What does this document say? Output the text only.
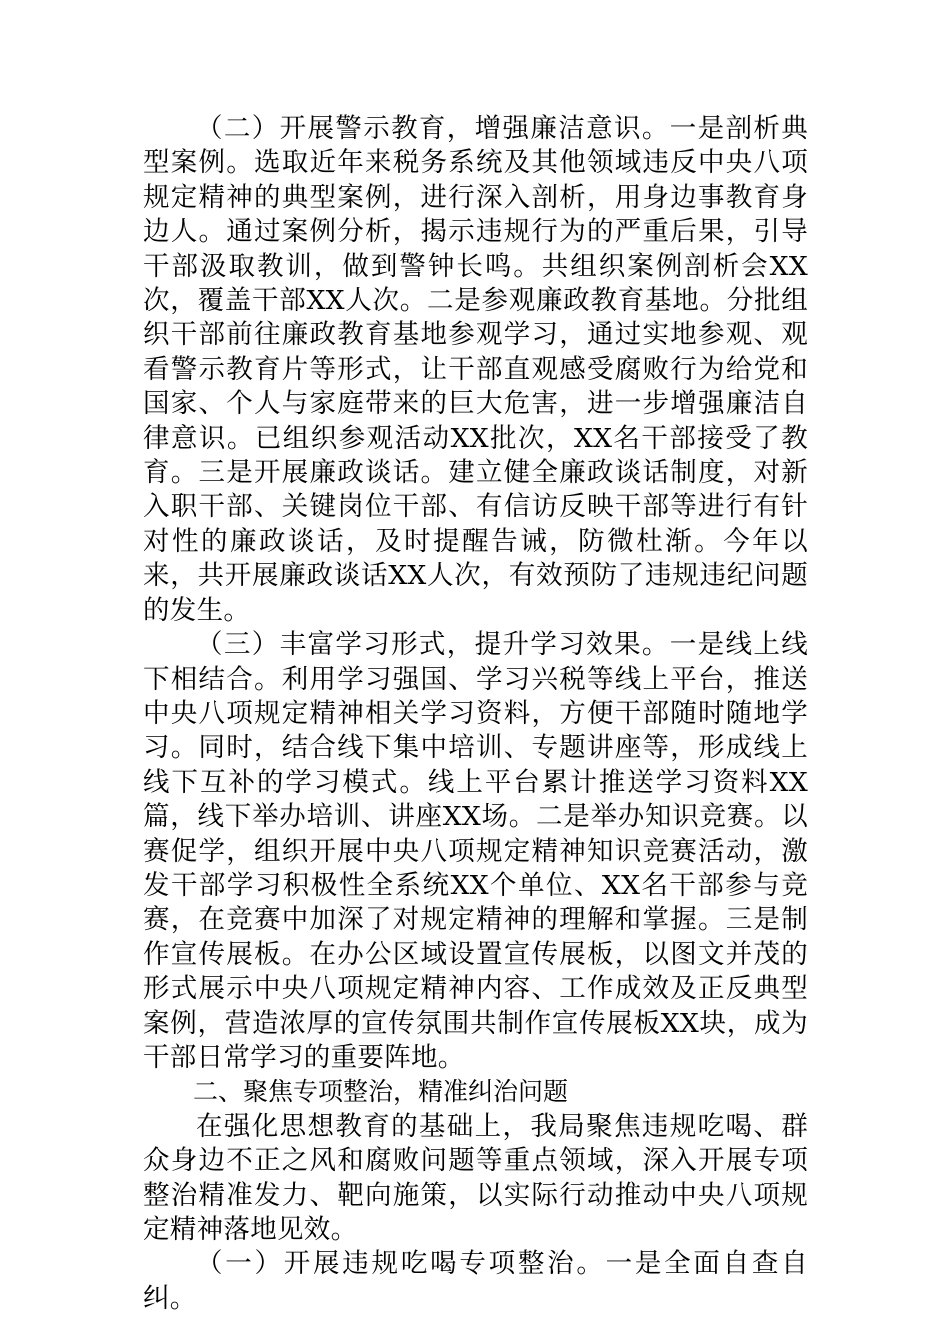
（二）开展警示教育，增强廉洁意识。一是剖析典型案例。选取近年来税务系统及其他领域违反中央八项规定精神的典型案例，进行深入剖析，用身边事教育身边人。通过案例分析，揭示违规行为的严重后果，引导干部汲取教训，做到警钟长鸣。共组织案例剖析会XX次，覆盖干部XX人次。二是参观廉政教育基地。分批组织干部前往廉政教育基地参观学习，通过实地参观、观看警示教育片等形式，让干部直观感受腐败行为给党和国家、个人与家庭带来的巨大危害，进一步增强廉洁自律意识。已组织参观活动XX批次，XX名干部接受了教育。三是开展廉政谈话。建立健全廉政谈话制度，对新入职干部、关键岗位干部、有信访反映干部等进行有针对性的廉政谈话，及时提醒告诫，防微杜渐。今年以来，共开展廉政谈话XX人次，有效预防了违规违纪问题的发生。

（三）丰富学习形式，提升学习效果。一是线上线下相结合。利用学习强国、学习兴税等线上平台，推送中央八项规定精神相关学习资料，方便干部随时随地学习。同时，结合线下集中培训、专题讲座等，形成线上线下互补的学习模式。线上平台累计推送学习资料XX篇，线下举办培训、讲座XX场。二是举办知识竞赛。以赛促学，组织开展中央八项规定精神知识竞赛活动，激发干部学习积极性全系统XX个单位、XX名干部参与竞赛，在竞赛中加深了对规定精神的理解和掌握。三是制作宣传展板。在办公区域设置宣传展板，以图文并茂的形式展示中央八项规定精神内容、工作成效及正反典型案例，营造浓厚的宣传氛围共制作宣传展板XX块，成为干部日常学习的重要阵地。

二、聚焦专项整治，精准纠治问题

在强化思想教育的基础上，我局聚焦违规吃喝、群众身边不正之风和腐败问题等重点领域，深入开展专项整治精准发力、靶向施策，以实际行动推动中央八项规定精神落地见效。

（一）开展违规吃喝专项整治。一是全面自查自纠。
